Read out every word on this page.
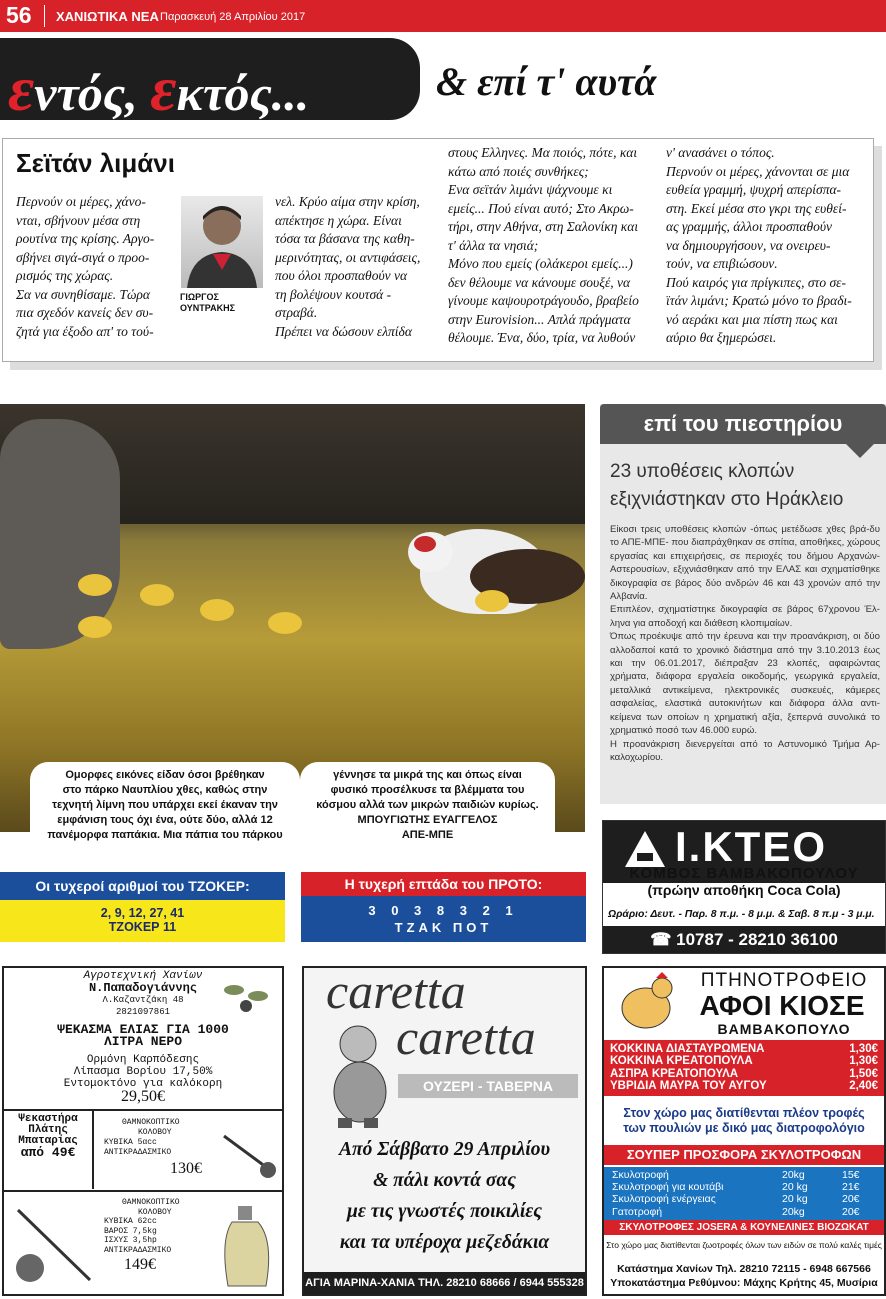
56 ΧΑΝΙΩΤΙΚΑ ΝΕΑ Παρασκευή 28 Απριλίου 2017
εντός, εκτός...	& επί τ' αυτά
Σεϊτάν λιμάνι
ΓΙΩΡΓΟΣ
ΟΥΝΤΡΑΚΗΣ

Περνούν οι μέρες, χάνο-

νται, σβήνουν μέσα στη

ρουτίνα της κρίσης. Αργο-

σβήνει σιγά-σιγά ο προο-

ρισμός της χώρας.

Σα να συνηθίσαμε. Τώρα

πια σχεδόν κανείς δεν συ-

ζητά για έξοδο απ' το τού-

νελ. Κρύο αίμα στην κρίση,

απέκτησε η χώρα. Είναι

τόσα τα βάσανα της καθη-

μερινότητας, οι αντιφάσεις,

που όλοι προσπαθούν να

τη βολέψουν κουτσά -

στραβά.

Πρέπει να δώσουν ελπίδα

στους Ελληνες. Μα ποιός, πότε, και

κάτω από ποιές συνθήκες;

Ενα σεϊτάν λιμάνι ψάχνουμε κι

εμείς... Πού είναι αυτό; Στο Ακρω-

τήρι, στην Αθήνα, στη Σαλονίκη και

τ' άλλα τα νησιά;

Μόνο που εμείς (ολάκεροι εμείς...)

δεν θέλουμε να κάνουμε σουξέ, να

γίνουμε καψουροτράγουδο, βραβείο

στην Eurovision... Απλά πράγματα

θέλουμε. Ένα, δύο, τρία, να λυθούν

ν' ανασάνει ο τόπος.

Περνούν οι μέρες, χάνονται σε μια

ευθεία γραμμή, ψυχρή απερίσπα-

στη. Εκεί μέσα στο γκρι της ευθεί-

ας γραμμής, άλλοι προσπαθούν

να δημιουργήσουν, να ονειρευ-

τούν, να επιβιώσουν.

Πού καιρός για πρίγκιπες, στο σε-

ϊτάν λιμάνι; Κρατώ μόνο το βραδι-

νό αεράκι και μια πίστη πως και

αύριο θα ξημερώσει.

Ομορφες εικόνες είδαν όσοι βρέθηκαν
στο πάρκο Ναυπλίου χθες, καθώς στην
τεχνητή λίμνη που υπάρχει εκεί έκαναν την
εμφάνιση τους όχι ένα, ούτε δύο, αλλά 12
πανέμορφα παπάκια. Μια πάπια του πάρκου
γέννησε τα μικρά της και όπως είναι
φυσικό προσέλκυσε τα βλέμματα του
κόσμου αλλά των μικρών παιδιών κυρίως.
ΜΠΟΥΓΙΩΤΗΣ ΕΥΑΓΓΕΛΟΣ
ΑΠΕ-ΜΠΕ
επί του πιεστηρίου
23 υποθέσεις κλοπών εξιχνιάστηκαν στο Ηράκλειο

Είκοσι τρεις υποθέσεις κλοπών -όπως μετέδωσε χθες βρά-δυ το ΑΠΕ-ΜΠΕ- που διαπράχθηκαν σε σπίτια, αποθήκες, χώρους εργασίας και επιχειρήσεις, σε περιοχές του δήμου Αρχανών-Αστερουσίων, εξιχνιάσθηκαν από την ΕΛΑΣ και σχηματίσθηκε δικογραφία σε βάρος δύο ανδρών 46 και 43 χρονών από την Αλβανία.

Επιπλέον, σχηματίστηκε δικογραφία σε βάρος 67χρονου Έλ-ληνα για αποδοχή και διάθεση κλοπιμαίων.

Όπως προέκυψε από την έρευνα και την προανάκριση, οι δύο αλλοδαποί κατά το χρονικό διάστημα από την 3.10.2013 έως και την 06.01.2017, διέπραξαν 23 κλοπές, αφαιρώντας χρήματα, διάφορα εργαλεία οικοδομής, γεωργικά εργαλεία, μεταλλικά αντικείμενα, ηλεκτρονικές συσκευές, κάμερες ασφαλείας, ελαστικά αυτοκινήτων και διάφορα άλλα αντι-κείμενα των οποίων η χρηματική αξία, ξεπερνά συνολικά το χρηματικό ποσό των 46.000 ευρώ.

Η προανάκριση διενεργείται από το Αστυνομικό Τμήμα Αρ-καλοχωρίου.

Οι τυχεροί αριθμοί του ΤΖΟΚΕΡ:
2, 9, 12, 27, 41
ΤΖΟΚΕΡ 11
Η τυχερή επτάδα του ΠΡΟΤΟ:
3 0 3 8 3 2 1
ΤΖΑΚ ΠΟΤ
Ι.ΚΤΕΟ
ΚΟΜΒΟΣ ΒΑΜΒΑΚΟΠΟΥΛΟΥ
(πρώην αποθήκη Coca Cola)
Ωράριο: Δευτ. - Παρ. 8 π.μ. - 8 μ.μ. & Σαβ. 8 π.μ - 3 μ.μ.
☎ 10787 - 28210 36100
Αγροτεχνική Χανίων
Ν.Παπαδογιάννης
Λ.Καζαντζάκη 48
2821097861
ΨΕΚΑΣΜΑ ΕΛΙΑΣ ΓΙΑ 1000
ΛΙΤΡΑ ΝΕΡΟ
Ορμόνη Καρπόδεσης
Λίπασμα Βορίου 17,50%
Εντομοκτόνο για καλόκορη
29,50€
Ψεκαστήρα
Πλάτης
Μπαταρίας
από 49€
ΘΑΜΝΟΚΟΠΤΙΚΟ
ΚΟΛΟΒΟΥ
ΚΥΒΙΚΑ 5αcc
ΑΝΤΙΚΡΑΔΑΣΜΙΚΟ
130€
ΘΑΜΝΟΚΟΠΤΙΚΟ
ΚΟΛΟΒΟΥ
ΚΥΒΙΚΑ 62cc
ΒΑΡΟΣ 7,5kg
ΙΣΧΥΣ 3,5hp
ΑΝΤΙΚΡΑΔΑΣΜΙΚΟ
149€
caretta
caretta
ΟΥΖΕΡΙ - ΤΑΒΕΡΝΑ
Από Σάββατο 29 Απριλίου
& πάλι κοντά σας
με τις γνωστές ποικιλίες
και τα υπέροχα μεζεδάκια
ΑΓΙΑ ΜΑΡΙΝΑ-ΧΑΝΙΑ ΤΗΛ. 28210 68666 / 6944 555328
ΠΤΗΝΟΤΡΟΦΕΙΟ
ΑΦΟΙ ΚΙΟΣΕ
ΒΑΜΒΑΚΟΠΟΥΛΟ
ΚΟΚΚΙΝΑ ΔΙΑΣΤΑΥΡΩΜΕΝΑ	1,30€
ΚΟΚΚΙΝΑ ΚΡΕΑΤΟΠΟΥΛΑ	1,30€
ΑΣΠΡΑ ΚΡΕΑΤΟΠΟΥΛΑ	1,50€
ΥΒΡΙΔΙΑ ΜΑΥΡΑ ΤΟΥ ΑΥΓΟΥ	2,40€
Στον χώρο μας διατίθενται πλέον τροφές
των πουλιών με δικό μας διατροφολόγιο
ΣΟΥΠΕΡ ΠΡΟΣΦΟΡΑ ΣΚΥΛΟΤΡΟΦΩΝ
Σκυλοτροφή	20kg	15€
Σκυλοτροφή για κουτάβι	20 kg	21€
Σκυλοτροφή ενέργειας	20 kg	20€
Γατοτροφή	20kg	20€
ΣΚΥΛΟΤΡΟΦΕΣ JOSERA & ΚΟΥΝΕΛΙΝΕΣ ΒΙΟΖΩΚΑΤ
Στο χώρο μας διατίθενται ζωοτροφές όλων των ειδών σε πολύ καλές τιμές
Κατάστημα Χανίων Τηλ. 28210 72115 - 6948 667566
Υποκατάστημα Ρεθύμνου: Μάχης Κρήτης 45, Μυσίρια
